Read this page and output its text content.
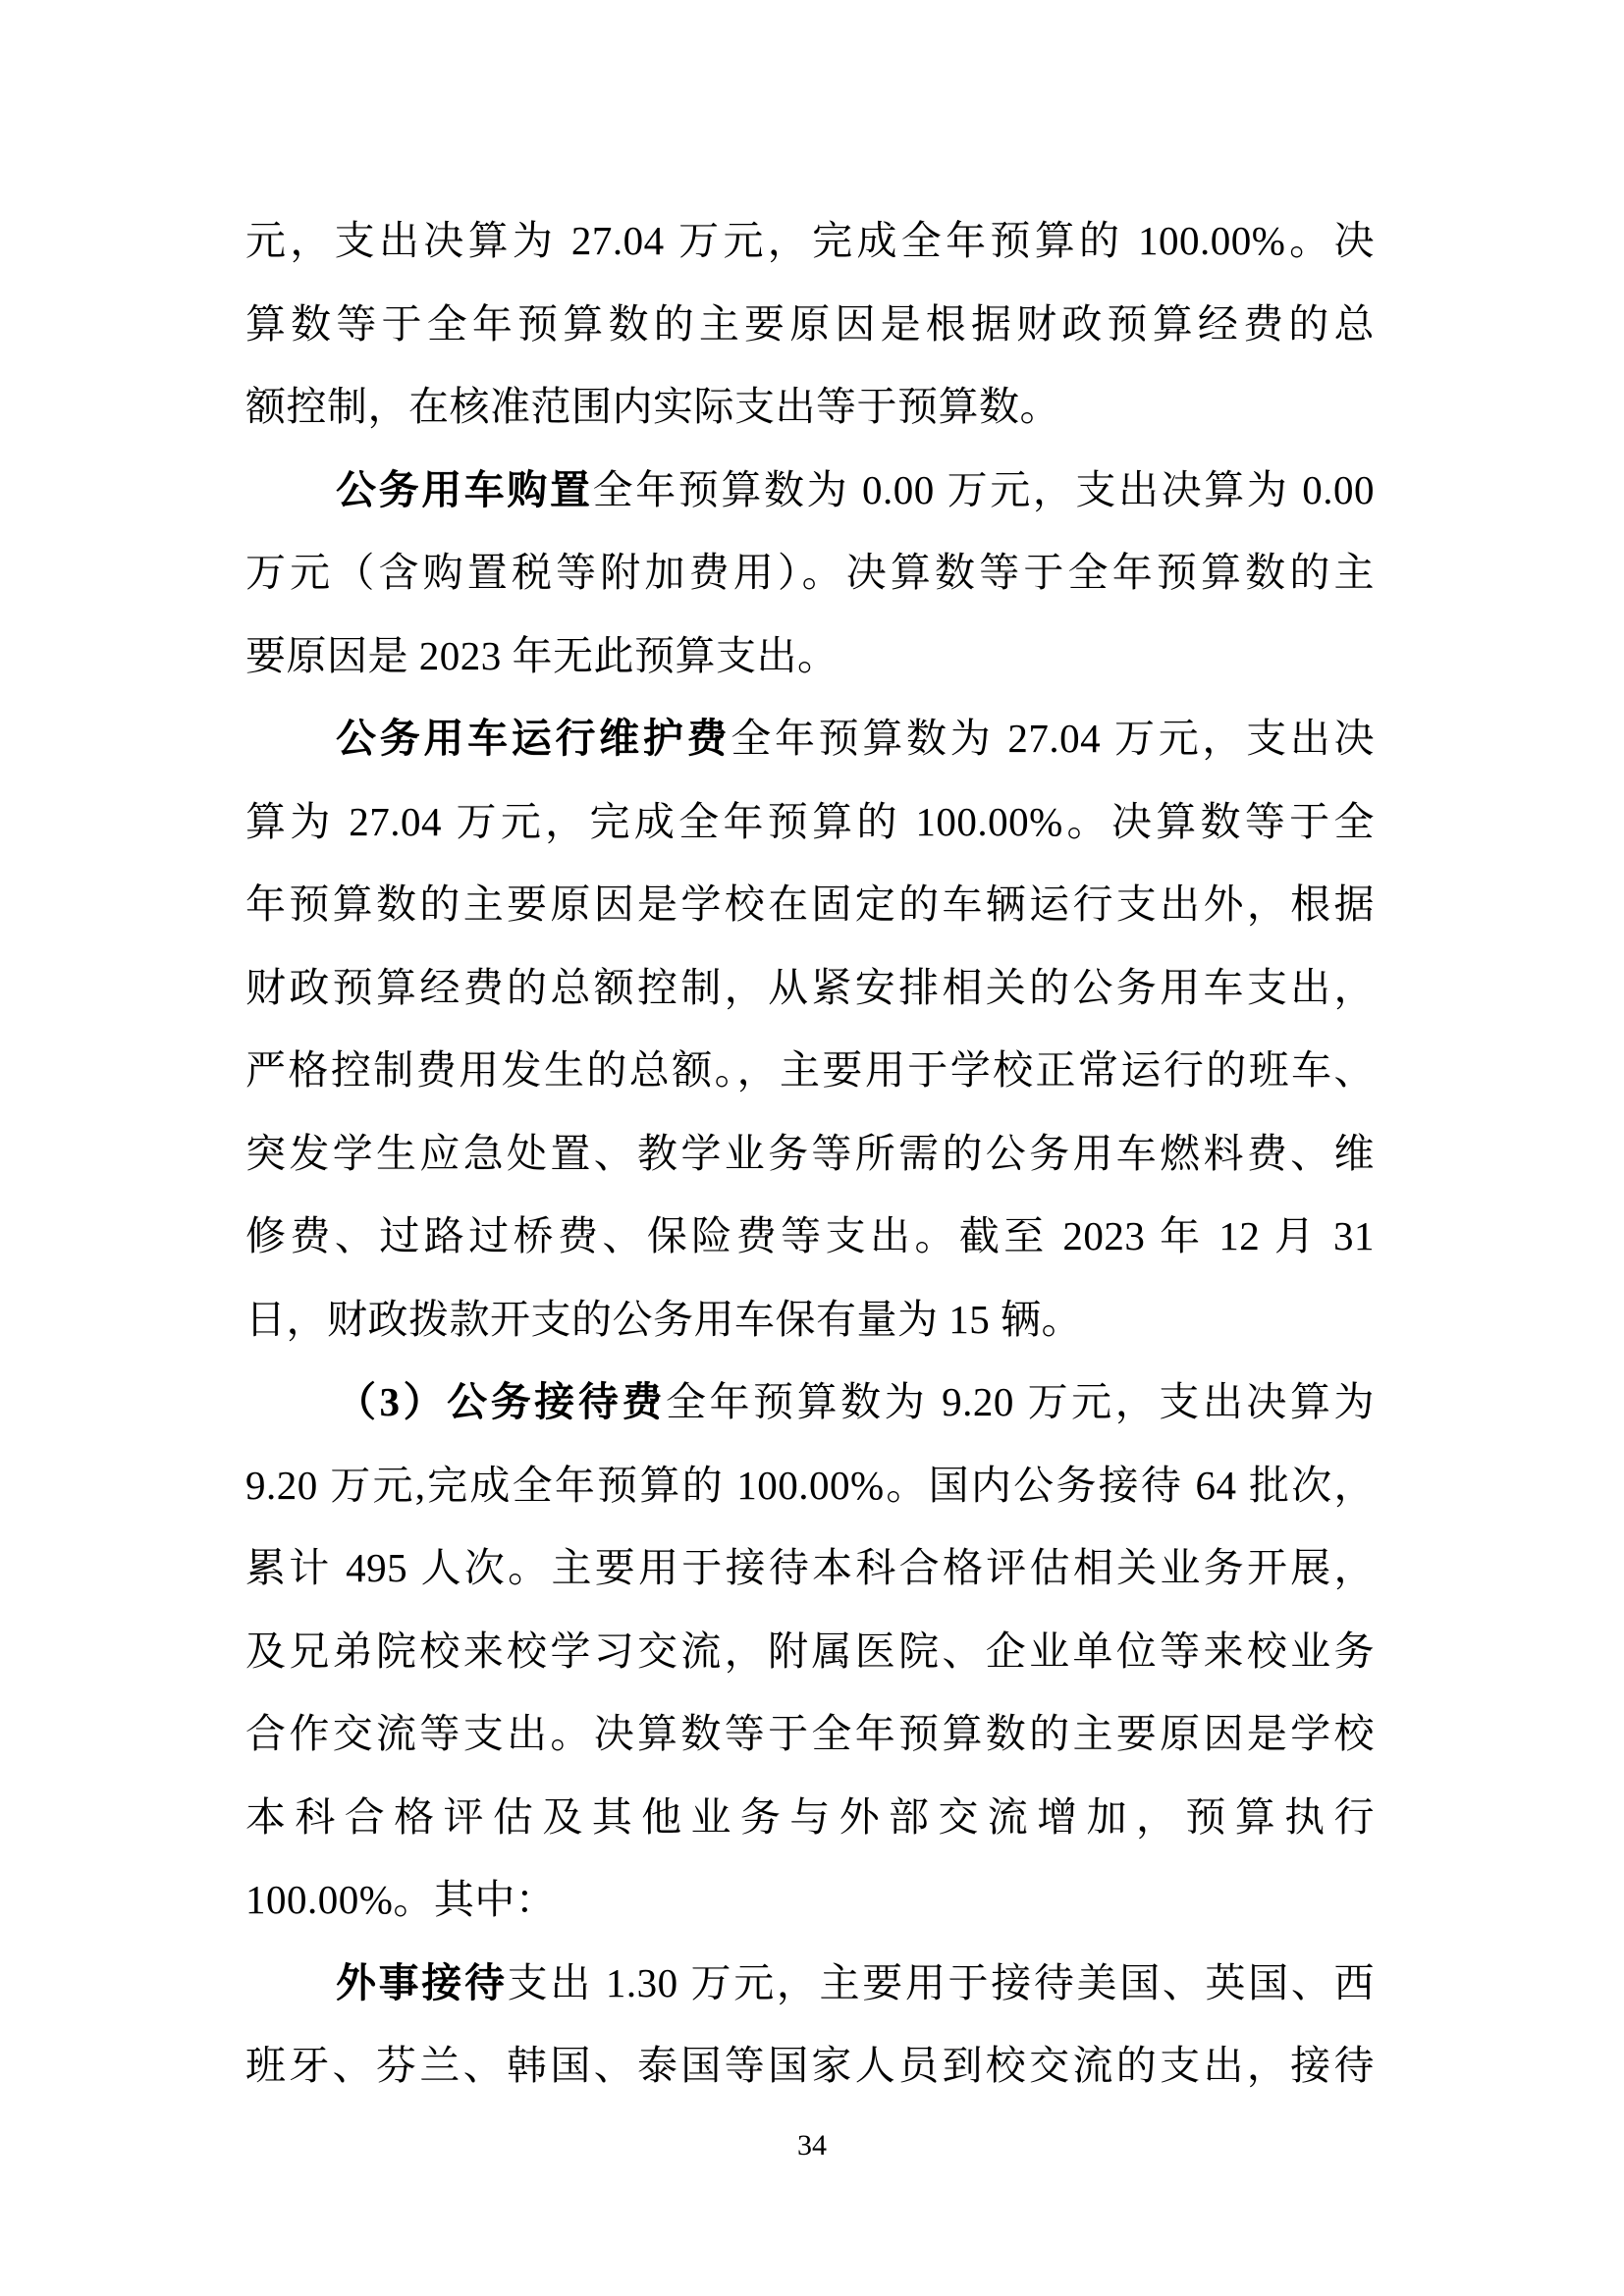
元，支出决算为 27.04 万元，完成全年预算的 100.00%。决
算数等于全年预算数的主要原因是根据财政预算经费的总
额控制，在核准范围内实际支出等于预算数。
公务用车购置全年预算数为 0.00 万元，支出决算为 0.00
万元（含购置税等附加费用）。决算数等于全年预算数的主
要原因是 2023 年无此预算支出。
公务用车运行维护费全年预算数为 27.04 万元，支出决
算为 27.04 万元，完成全年预算的 100.00%。决算数等于全
年预算数的主要原因是学校在固定的车辆运行支出外，根据
财政预算经费的总额控制，从紧安排相关的公务用车支出，
严格控制费用发生的总额。，主要用于学校正常运行的班车、
突发学生应急处置、教学业务等所需的公务用车燃料费、维
修费、过路过桥费、保险费等支出。截至 2023 年 12 月 31
日，财政拨款开支的公务用车保有量为 15 辆。
（3）公务接待费全年预算数为 9.20 万元，支出决算为
9.20 万元,完成全年预算的 100.00%。国内公务接待 64 批次，
累计 495 人次。主要用于接待本科合格评估相关业务开展，
及兄弟院校来校学习交流，附属医院、企业单位等来校业务
合作交流等支出。决算数等于全年预算数的主要原因是学校
本科合格评估及其他业务与外部交流增加，预算执行
100.00%。其中：
外事接待支出 1.30 万元，主要用于接待美国、英国、西
班牙、芬兰、韩国、泰国等国家人员到校交流的支出，接待
34
